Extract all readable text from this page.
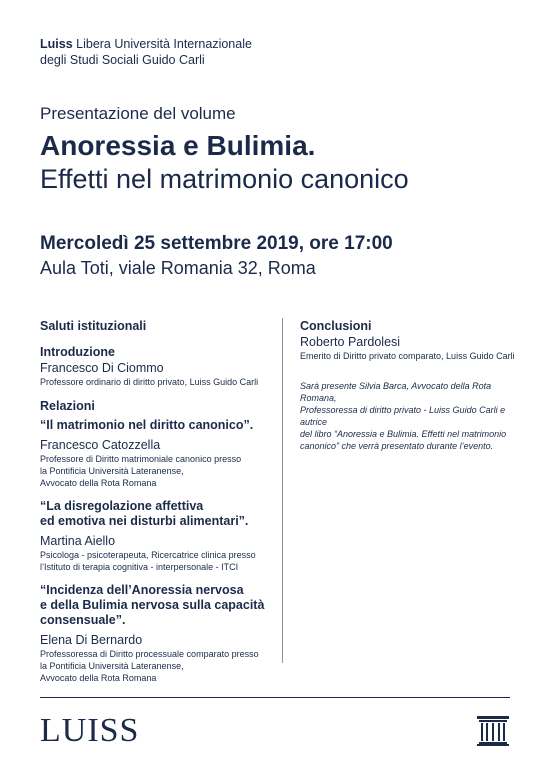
Luiss Libera Università Internazionale
degli Studi Sociali Guido Carli
Presentazione del volume
Anoressia e Bulimia.
Effetti nel matrimonio canonico
Mercoledì 25 settembre 2019, ore 17:00
Aula Toti, viale Romania 32, Roma
Saluti istituzionali
Introduzione
Francesco Di Ciommo
Professore ordinario di diritto privato, Luiss Guido Carli
Relazioni
“Il matrimonio nel diritto canonico”.
Francesco Catozzella
Professore di Diritto matrimoniale canonico presso
la Pontificia Università Lateranense,
Avvocato della Rota Romana
“La disregolazione affettiva
ed emotiva nei disturbi alimentari”.
Martina Aiello
Psicologa - psicoterapeuta, Ricercatrice clinica presso
l’Istituto di terapia cognitiva - interpersonale - ITCI
“Incidenza dell’Anoressia nervosa
e della Bulimia nervosa sulla capacità
consensuale”.
Elena Di Bernardo
Professoressa di Diritto processuale comparato presso
la Pontificia Università Lateranense,
Avvocato della Rota Romana
Conclusioni
Roberto Pardolesi
Emerito di Diritto privato comparato, Luiss Guido Carli
Sarà presente Silvia Barca, Avvocato della Rota Romana,
Professoressa di diritto privato - Luiss Guido Carli e autrice
del libro “Anoressia e Bulimia. Effetti nel matrimonio
canonico” che verrà presentato durante l’evento.
LUISS
